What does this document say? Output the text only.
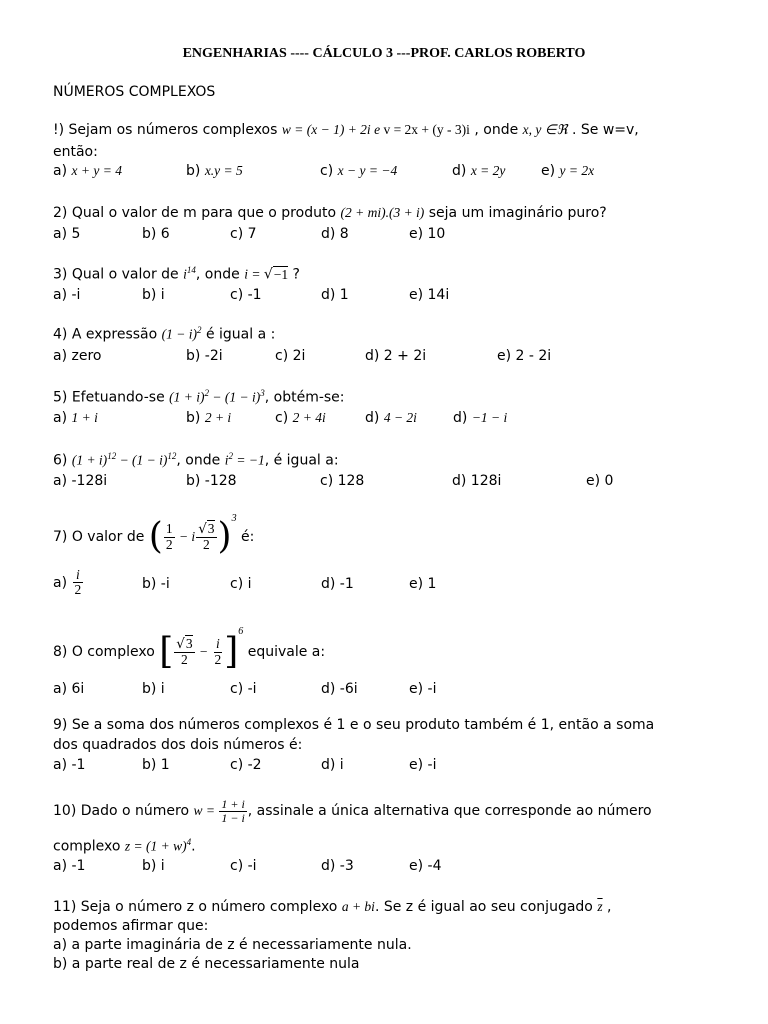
ENGENHARIAS ---- CÁLCULO 3 ---PROF. CARLOS ROBERTO
NÚMEROS COMPLEXOS
!) Sejam os números complexos w = (x − 1) + 2i e v = 2x + (y - 3)i , onde x, y ∈ℜ . Se w=v,
então:
a) x + y = 4	b) x.y = 5	c) x − y = −4	d) x = 2y	e) y = 2x
2) Qual o valor de m para que o produto (2 + mi).(3 + i) seja um imaginário puro?
a) 5	b) 6	c) 7	d) 8	e) 10
3) Qual o valor de $i^{14}$, onde i = √−1 ?
a) -i	b) i	c) -1	d) 1	e) 14i
4) A expressão $(1 - i)^2$ é igual a :
a) zero	b) -2i	c) 2i	d) 2 + 2i	e) 2 - 2i
5) Efetuando-se $(1 + i)^2 - (1 - i)^3$, obtém-se:
a) 1 + i	b) 2 + i	c) 2 + 4i	d) 4 − 2i	d) −1 − i
6) $(1 + i)^{12} - (1 - i)^{12}$, onde $i^2 = -1$, é igual a:
a) -128i	b) -128	c) 128	d) 128i	e) 0
7) O valor de ( $\frac{1}{2} - i \frac{√3}{2}$ ) 3
é:
a)
$\frac{i}{2}$	b) -i	c) i	d) -1	e) 1
8) O complexo [ $\frac{√3}{2} - \frac{i}{2}$ ] 6
equivale a:
a) 6i	b) i	c) -i	d) -6i	e) -i
9) Se a soma dos números complexos é 1 e o seu produto também é 1, então a soma
dos quadrados dos dois números é:
a) -1	b) 1	c) -2	d) i	e) -i
10) Dado o número $w = \frac{1 + i}{1 - i}$ , assinale a única alternativa que corresponde ao número
complexo $z = (1 + w)^4$.
a) -1	b) i	c) -i	d) -3	e) -4
11) Seja o número z o número complexo a + bi. Se z é igual ao seu conjugado $\overline{z}$ ,
podemos afirmar que:
a) a parte imaginária de z é necessariamente nula.
b) a parte real de z é necessariamente nula
